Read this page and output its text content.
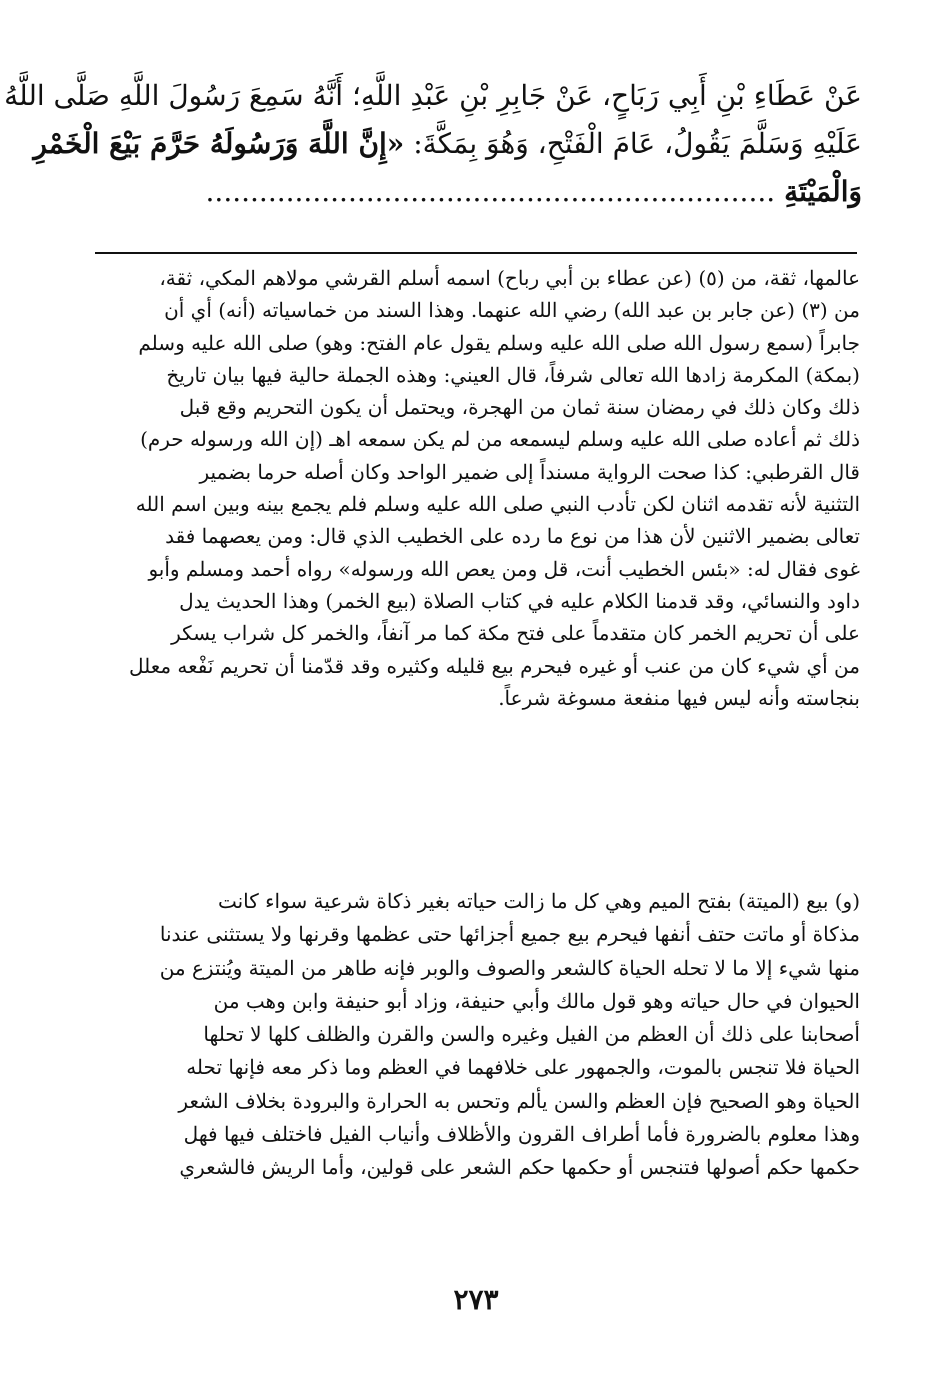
عَنْ عَطَاءِ بْنِ أَبِي رَبَاحٍ، عَنْ جَابِرِ بْنِ عَبْدِ اللَّهِ؛ أَنَّهُ سَمِعَ رَسُولَ اللَّهِ صَلَّى اللَّهُ
عَلَيْهِ وَسَلَّمَ يَقُولُ، عَامَ الْفَتْحِ، وَهُوَ بِمَكَّةَ: «إِنَّ اللَّهَ وَرَسُولَهُ حَرَّمَ بَيْعَ الْخَمْرِ
وَالْمَيْتَةِ ................................................................
عالمها، ثقة، من (٥) (عن عطاء بن أبي رباح) اسمه أسلم القرشي مولاهم المكي، ثقة،
من (٣) (عن جابر بن عبد الله) رضي الله عنهما. وهذا السند من خماسياته (أنه) أي أن
جابراً (سمع رسول الله صلى الله عليه وسلم يقول عام الفتح: وهو) صلى الله عليه وسلم
(بمكة) المكرمة زادها الله تعالى شرفاً، قال العيني: وهذه الجملة حالية فيها بيان تاريخ
ذلك وكان ذلك في رمضان سنة ثمان من الهجرة، ويحتمل أن يكون التحريم وقع قبل
ذلك ثم أعاده صلى الله عليه وسلم ليسمعه من لم يكن سمعه اهـ (إن الله ورسوله حرم)
قال القرطبي: كذا صحت الرواية مسنداً إلى ضمير الواحد وكان أصله حرما بضمير
التثنية لأنه تقدمه اثنان لكن تأدب النبي صلى الله عليه وسلم فلم يجمع بينه وبين اسم الله
تعالى بضمير الاثنين لأن هذا من نوع ما رده على الخطيب الذي قال: ومن يعصهما فقد
غوى فقال له: «بئس الخطيب أنت، قل ومن يعص الله ورسوله» رواه أحمد ومسلم وأبو
داود والنسائي، وقد قدمنا الكلام عليه في كتاب الصلاة (بيع الخمر) وهذا الحديث يدل
على أن تحريم الخمر كان متقدماً على فتح مكة كما مر آنفاً، والخمر كل شراب يسكر
من أي شيء كان من عنب أو غيره فيحرم بيع قليله وكثيره وقد قدّمنا أن تحريم نَفْعه معلل
بنجاسته وأنه ليس فيها منفعة مسوغة شرعاً.
(و) بيع (الميتة) بفتح الميم وهي كل ما زالت حياته بغير ذكاة شرعية سواء كانت
مذكاة أو ماتت حتف أنفها فيحرم بيع جميع أجزائها حتى عظمها وقرنها ولا يستثنى عندنا
منها شيء إلا ما لا تحله الحياة كالشعر والصوف والوبر فإنه طاهر من الميتة ويُنتزع من
الحيوان في حال حياته وهو قول مالك وأبي حنيفة، وزاد أبو حنيفة وابن وهب من
أصحابنا على ذلك أن العظم من الفيل وغيره والسن والقرن والظلف كلها لا تحلها
الحياة فلا تنجس بالموت، والجمهور على خلافهما في العظم وما ذكر معه فإنها تحله
الحياة وهو الصحيح فإن العظم والسن يألم وتحس به الحرارة والبرودة بخلاف الشعر
وهذا معلوم بالضرورة فأما أطراف القرون والأظلاف وأنياب الفيل فاختلف فيها فهل
حكمها حكم أصولها فتنجس أو حكمها حكم الشعر على قولين، وأما الريش فالشعري
٢٧٣
